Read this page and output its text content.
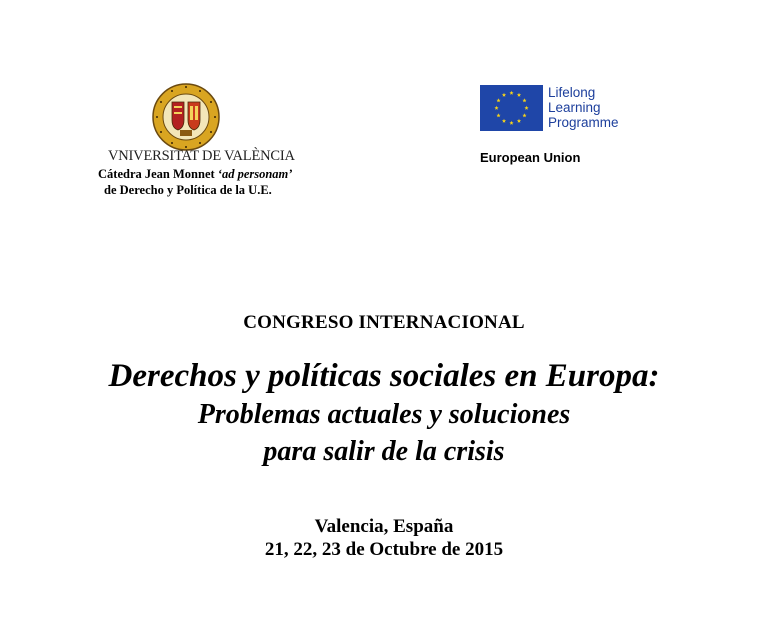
VNIVERSITAT DE VALÈNCIA
Cátedra Jean Monnet ‘ad personam’
de Derecho y Política de la U.E.
Lifelong
Learning
Programme
European Union
CONGRESO INTERNACIONAL
Derechos y políticas sociales en Europa:
Problemas actuales y soluciones
para salir de la crisis
Valencia, España
21, 22, 23 de Octubre de 2015
